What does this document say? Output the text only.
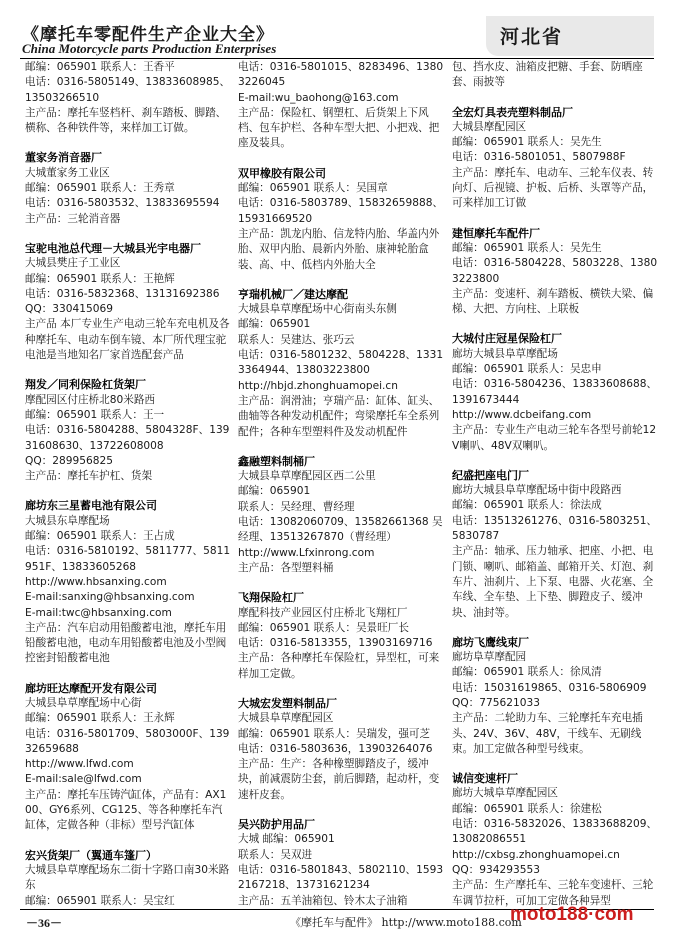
《摩托车零配件生产企业大全》
China Motorcycle parts Production Enterprises
河北省
邮编：065901 联系人：王香平
电话：0316-5805149、13833608985、13503266510
主产品：摩托车竖档杆、刹车踏板、脚踏、横称、各种铁件等，来样加工订做。
董家务消音器厂
大城董家务工业区
邮编：065901 联系人：王秀章
电话：0316-5803532、13833695594
主产品：三轮消音器
宝驼电池总代理－大城县光宇电器厂
大城县樊庄子工业区
邮编：065901 联系人：王艳辉
电话：0316-5832368、13131692386
QQ：330415069
主产品 本厂专业生产电动三轮车充电机及各种摩托车、电动车倒车镜、本厂所代理宝驼电池是当地知名厂家首选配套产品
翔发／同利保险杠货架厂
摩配园区付庄桥北80米路西
邮编：065901 联系人：王一
电话：0316-5804288、5804328F、13931608630、13722608008
QQ：289956825
主产品：摩托车护杠、货架
廊坊东三星蓄电池有限公司
大城县东阜摩配场
邮编：065901 联系人：王占成
电话：0316-5810192、5811777、5811951F、13833605268
http://www.hbsanxing.com
E-mail:sanxing@hbsanxing.com
E-mail:twc@hbsanxing.com
主产品：汽车启动用铅酸蓄电池，摩托车用铅酸蓄电池，电动车用铅酸蓄电池及小型阀控密封铅酸蓄电池
廊坊旺达摩配开发有限公司
大城县阜草摩配场中心街
邮编：065901 联系人：王永辉
电话：0316-5801709、5803000F、13932659688
http://www.lfwd.com
E-mail:sale@lfwd.com
主产品：摩托车压铸汽缸体，产品有：AX100、GY6系列、CG125、等各种摩托车汽缸体，定做各种（非标）型号汽缸体
宏兴货架厂（翼通车篷厂）
大城县阜草摩配场东二街十字路口南30米路东
邮编：065901 联系人：吴宝红
电话：0316-5801015、8283496、13803226045
E-mail:wu_baohong@163.com
主产品：保险杠、钢塑杠、后货架上下风档、包车护栏、各种车型大把、小把戏、把座及装具。
双甲橡胶有限公司
邮编：065901 联系人：吴国章
电话：0316-5803789、15832659888、15931669520
主产品：凯龙内胎、信龙特内胎、华盖内外胎、双甲内胎、晨新内外胎、康神轮胎盒装、高、中、低档内外胎大全
亨瑞机械厂／建达摩配
大城县阜草摩配场中心街南头东侧
邮编：065901
联系人：吴建达、张巧云
电话：0316-5801232、5804228、13313364944、13803223800
http://hbjd.zhonghuamopei.cn
主产品：润滑油；亨瑞产品：缸体、缸头、曲轴等各种发动机配件；弯梁摩托车全系列配件；各种车型塑料件及发动机配件
鑫融塑料制桶厂
大城县阜草摩配园区西二公里
邮编：065901
联系人：吴经理、曹经理
电话：13082060709、13582661368 吴经理、13513267870（曹经理）
http://www.Lfxinrong.com
主产品：各型塑料桶
飞翔保险杠厂
摩配科技产业园区付庄桥北飞翔杠厂
邮编：065901 联系人：吴景旺厂长
电话：0316-5813355，13903169716
主产品：各种摩托车保险杠，异型杠，可来样加工定做。
大城宏发塑料制品厂
大城县阜草摩配园区
邮编：065901 联系人：吴瑞发，强可芝
电话：0316-5803636，13903264076
主产品：生产：各种橡塑脚踏皮子，缓冲块，前减震防尘套，前后脚踏，起动杆，变速杆皮套。
吴兴防护用品厂
大城 邮编：065901
联系人：吴双进
电话：0316-5801843、5802110、15932167218、13731621234
主产品：五羊油箱包、铃木太子油箱
包、挡水皮、油箱皮把糖、手套、防晒座套、雨披等
全宏灯具表壳塑料制品厂
大城县摩配园区
邮编：065901 联系人：吴先生
电话：0316-5801051、5807988F
主产品：摩托车、电动车、三轮车仪表、转向灯、后视镜、护板、后桥、头罩等产品，可来样加工订做
建恒摩托车配件厂
邮编：065901 联系人：吴先生
电话：0316-5804228、5803228、13803223800
主产品：变速杆、刹车踏板、横铁大梁、偏梯、大把、方向柱、上联板
大城付庄冠星保险杠厂
廊坊大城县阜草摩配场
邮编：065901 联系人：吴忠申
电话：0316-5804236、13833608688、1391673444
http://www.dcbeifang.com
主产品：专业生产电动三轮车各型号前轮12V喇叭、48V双喇叭。
纪盛把座电门厂
廊坊大城县阜草摩配场中街中段路西
邮编：065901 联系人：徐法成
电话：13513261276、0316-5803251、5830787
主产品：轴承、压力轴承、把座、小把、电门锁、喇叭、邮箱盖、邮箱开关、灯泡、刹车片、油刹片、上下泵、电器、火花塞、全车线、全车垫、上下垫、脚蹬皮子、缓冲块、油封等。
廊坊飞鹰线束厂
廊坊阜草摩配园
邮编：065901 联系人：徐凤清
电话：15031619865、0316-5806909
QQ：775621033
主产品：二轮助力车、三轮摩托车充电插头、24V、36V、48V，干线车、无刷线束。加工定做各种型号线束。
诚信变速杆厂
廊坊大城阜草摩配园区
邮编：065901 联系人：徐建松
电话：0316-5832026、13833688209、13082086551
http://cxbsg.zhonghuamopei.cn
QQ：934293553
主产品：生产摩托车、三轮车变速杆、三轮车调节拉杆，可加工定做各种异型
－36－	《摩托车与配件》 http://www.moto188.com
moto188·com
